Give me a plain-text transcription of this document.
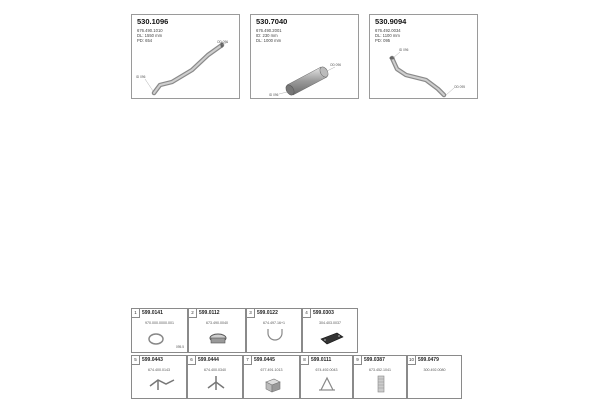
530.1096
676.490.1010
DL: 1550 mm
PD: 654	OD 096
ID 096
530.7040
676.490.2001
ID: 230 mm
DL: 1000 mm
OD 096
ID 096
530.9094
676.492.0034
DL: 1100 mm
PD: 095
ID 096
OD 095
1	599.0141
970.000.0000.001
095.5
2	599.0112
673.490.0040
3	599.0122
674.497.16+1
4	599.0303
304.403.0037
5	599.0443
674.400.0143
6	599.0444
674.400.0340
7	599.0445
677.491.1013
8	599.0111
674.492.0043
9	599.0387
673.452.1041
10 599.0479
300.492.0080
